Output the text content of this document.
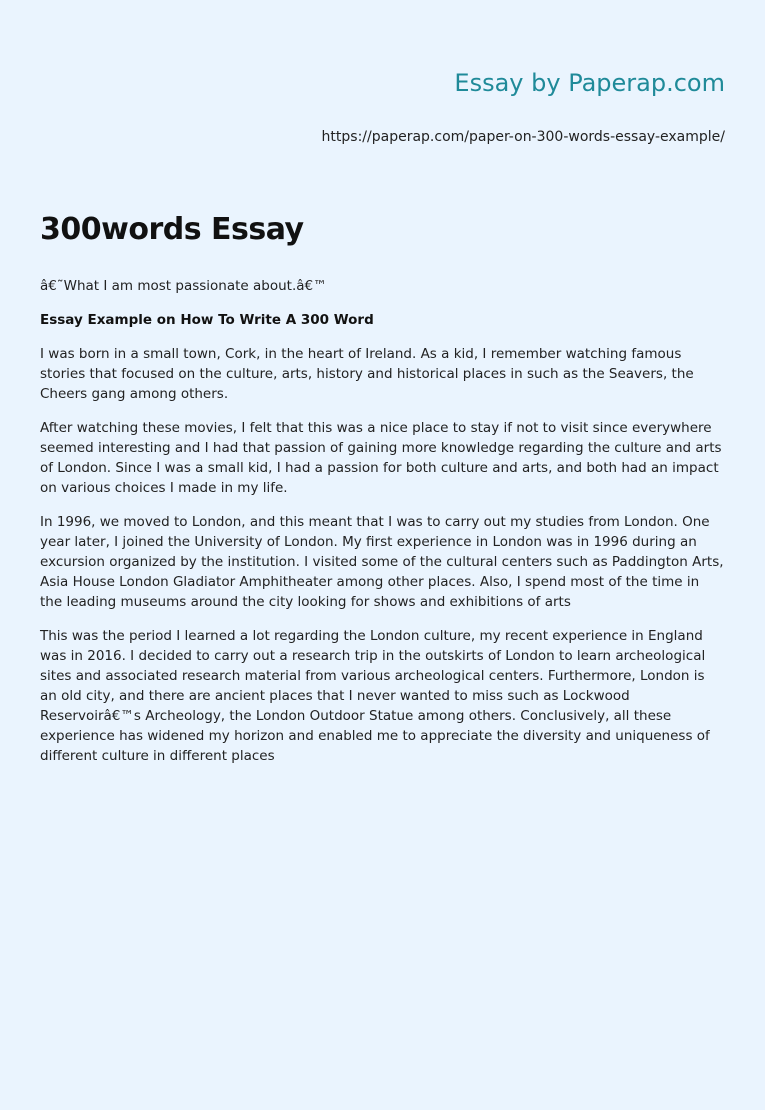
Essay by Paperap.com
https://paperap.com/paper-on-300-words-essay-example/
300words Essay

â€˜What I am most passionate about.â€™

Essay Example on How To Write A 300 Word

I was born in a small town, Cork, in the heart of Ireland. As a kid, I remember watching famous stories that focused on the culture, arts, history and historical places in such as the Seavers, the Cheers gang among others.

After watching these movies, I felt that this was a nice place to stay if not to visit since everywhere seemed interesting and I had that passion of gaining more knowledge regarding the culture and arts of London. Since I was a small kid, I had a passion for both culture and arts, and both had an impact on various choices I made in my life.

In 1996, we moved to London, and this meant that I was to carry out my studies from London. One year later, I joined the University of London. My first experience in London was in 1996 during an excursion organized by the institution. I visited some of the cultural centers such as Paddington Arts, Asia House London Gladiator Amphitheater among other places. Also, I spend most of the time in the leading museums around the city looking for shows and exhibitions of arts

This was the period I learned a lot regarding the London culture, my recent experience in England was in 2016. I decided to carry out a research trip in the outskirts of London to learn archeological sites and associated research material from various archeological centers. Furthermore, London is an old city, and there are ancient places that I never wanted to miss such as Lockwood Reservoirâ€™s Archeology, the London Outdoor Statue among others. Conclusively, all these experience has widened my horizon and enabled me to appreciate the diversity and uniqueness of different culture in different places
